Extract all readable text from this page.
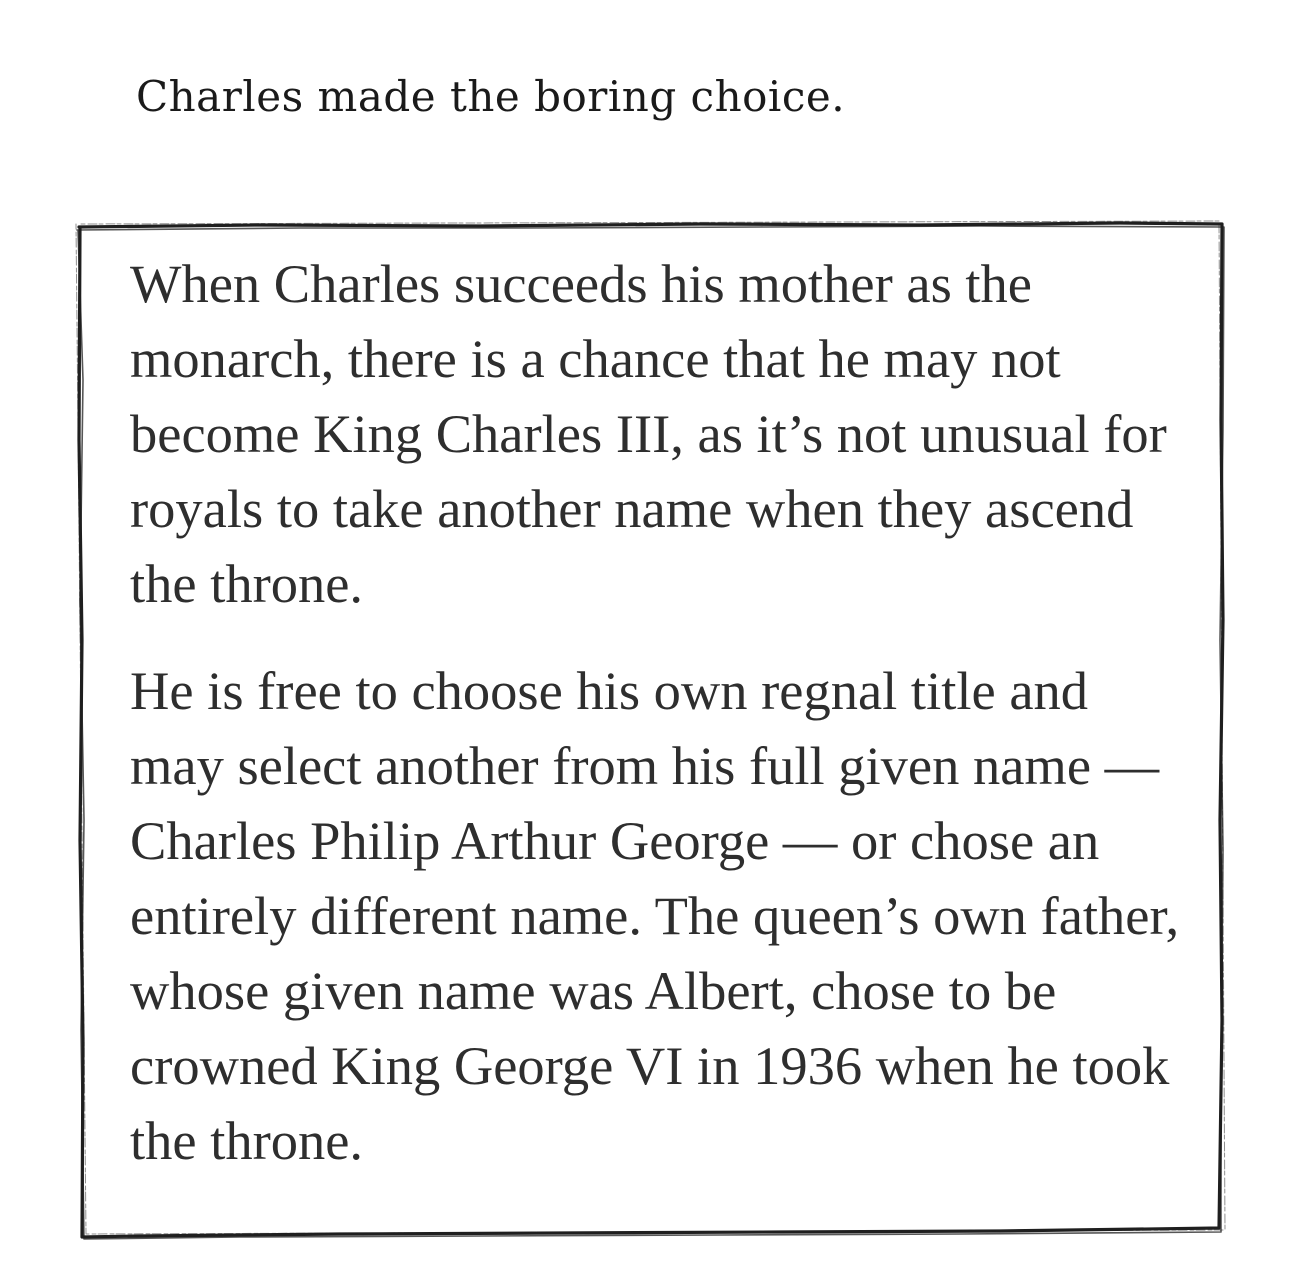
Charles made the boring choice.

When Charles succeeds his mother as the monarch, there is a chance that he may not become King Charles III, as it’s not unusual for royals to take another name when they ascend the throne.

He is free to choose his own regnal title and may select another from his full given name — Charles Philip Arthur George — or chose an entirely different name. The queen’s own father, whose given name was Albert, chose to be crowned King George VI in 1936 when he took the throne.
